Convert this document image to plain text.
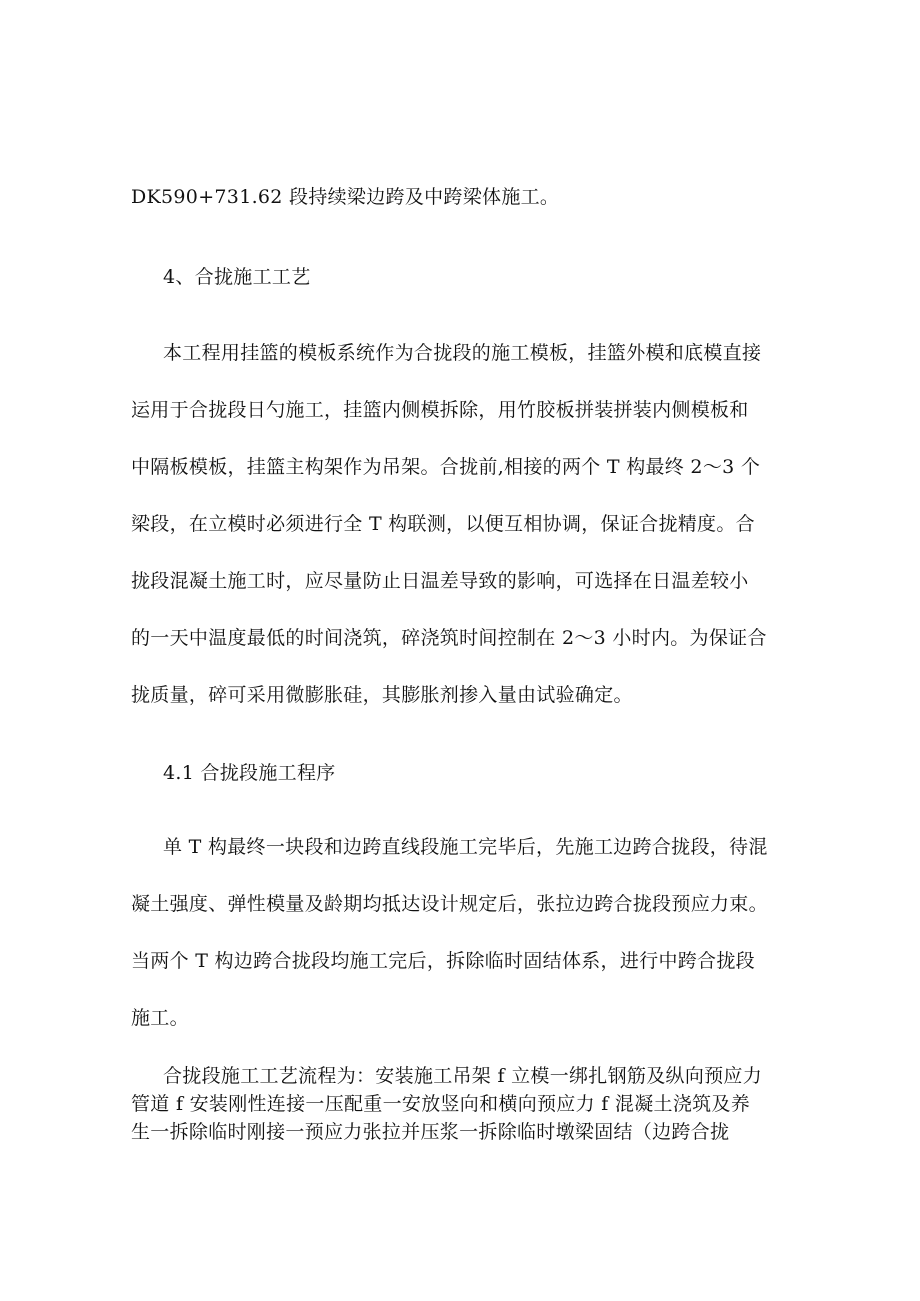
DK590+731.62 段持续梁边跨及中跨梁体施工。
4、合拢施工工艺
本工程用挂篮的模板系统作为合拢段的施工模板，挂篮外模和底模直接
运用于合拢段日勺施工，挂篮内侧模拆除，用竹胶板拼装拼装内侧模板和
中隔板模板，挂篮主构架作为吊架。合拢前,相接的两个 T 构最终 2～3 个
梁段，在立模时必须进行全 T 构联测，以便互相协调，保证合拢精度。合
拢段混凝土施工时，应尽量防止日温差导致的影响，可选择在日温差较小
的一天中温度最低的时间浇筑，碎浇筑时间控制在 2～3 小时内。为保证合
拢质量，碎可采用微膨胀硅，其膨胀剂掺入量由试验确定。
4.1 合拢段施工程序
单 T 构最终一块段和边跨直线段施工完毕后，先施工边跨合拢段，待混
凝土强度、弹性模量及龄期均抵达设计规定后，张拉边跨合拢段预应力束。
当两个 T 构边跨合拢段均施工完后，拆除临时固结体系，进行中跨合拢段
施工。
合拢段施工工艺流程为：安装施工吊架 f 立模一绑扎钢筋及纵向预应力
管道 f 安装刚性连接一压配重一安放竖向和横向预应力 f 混凝土浇筑及养
生一拆除临时刚接一预应力张拉并压浆一拆除临时墩梁固结（边跨合拢
